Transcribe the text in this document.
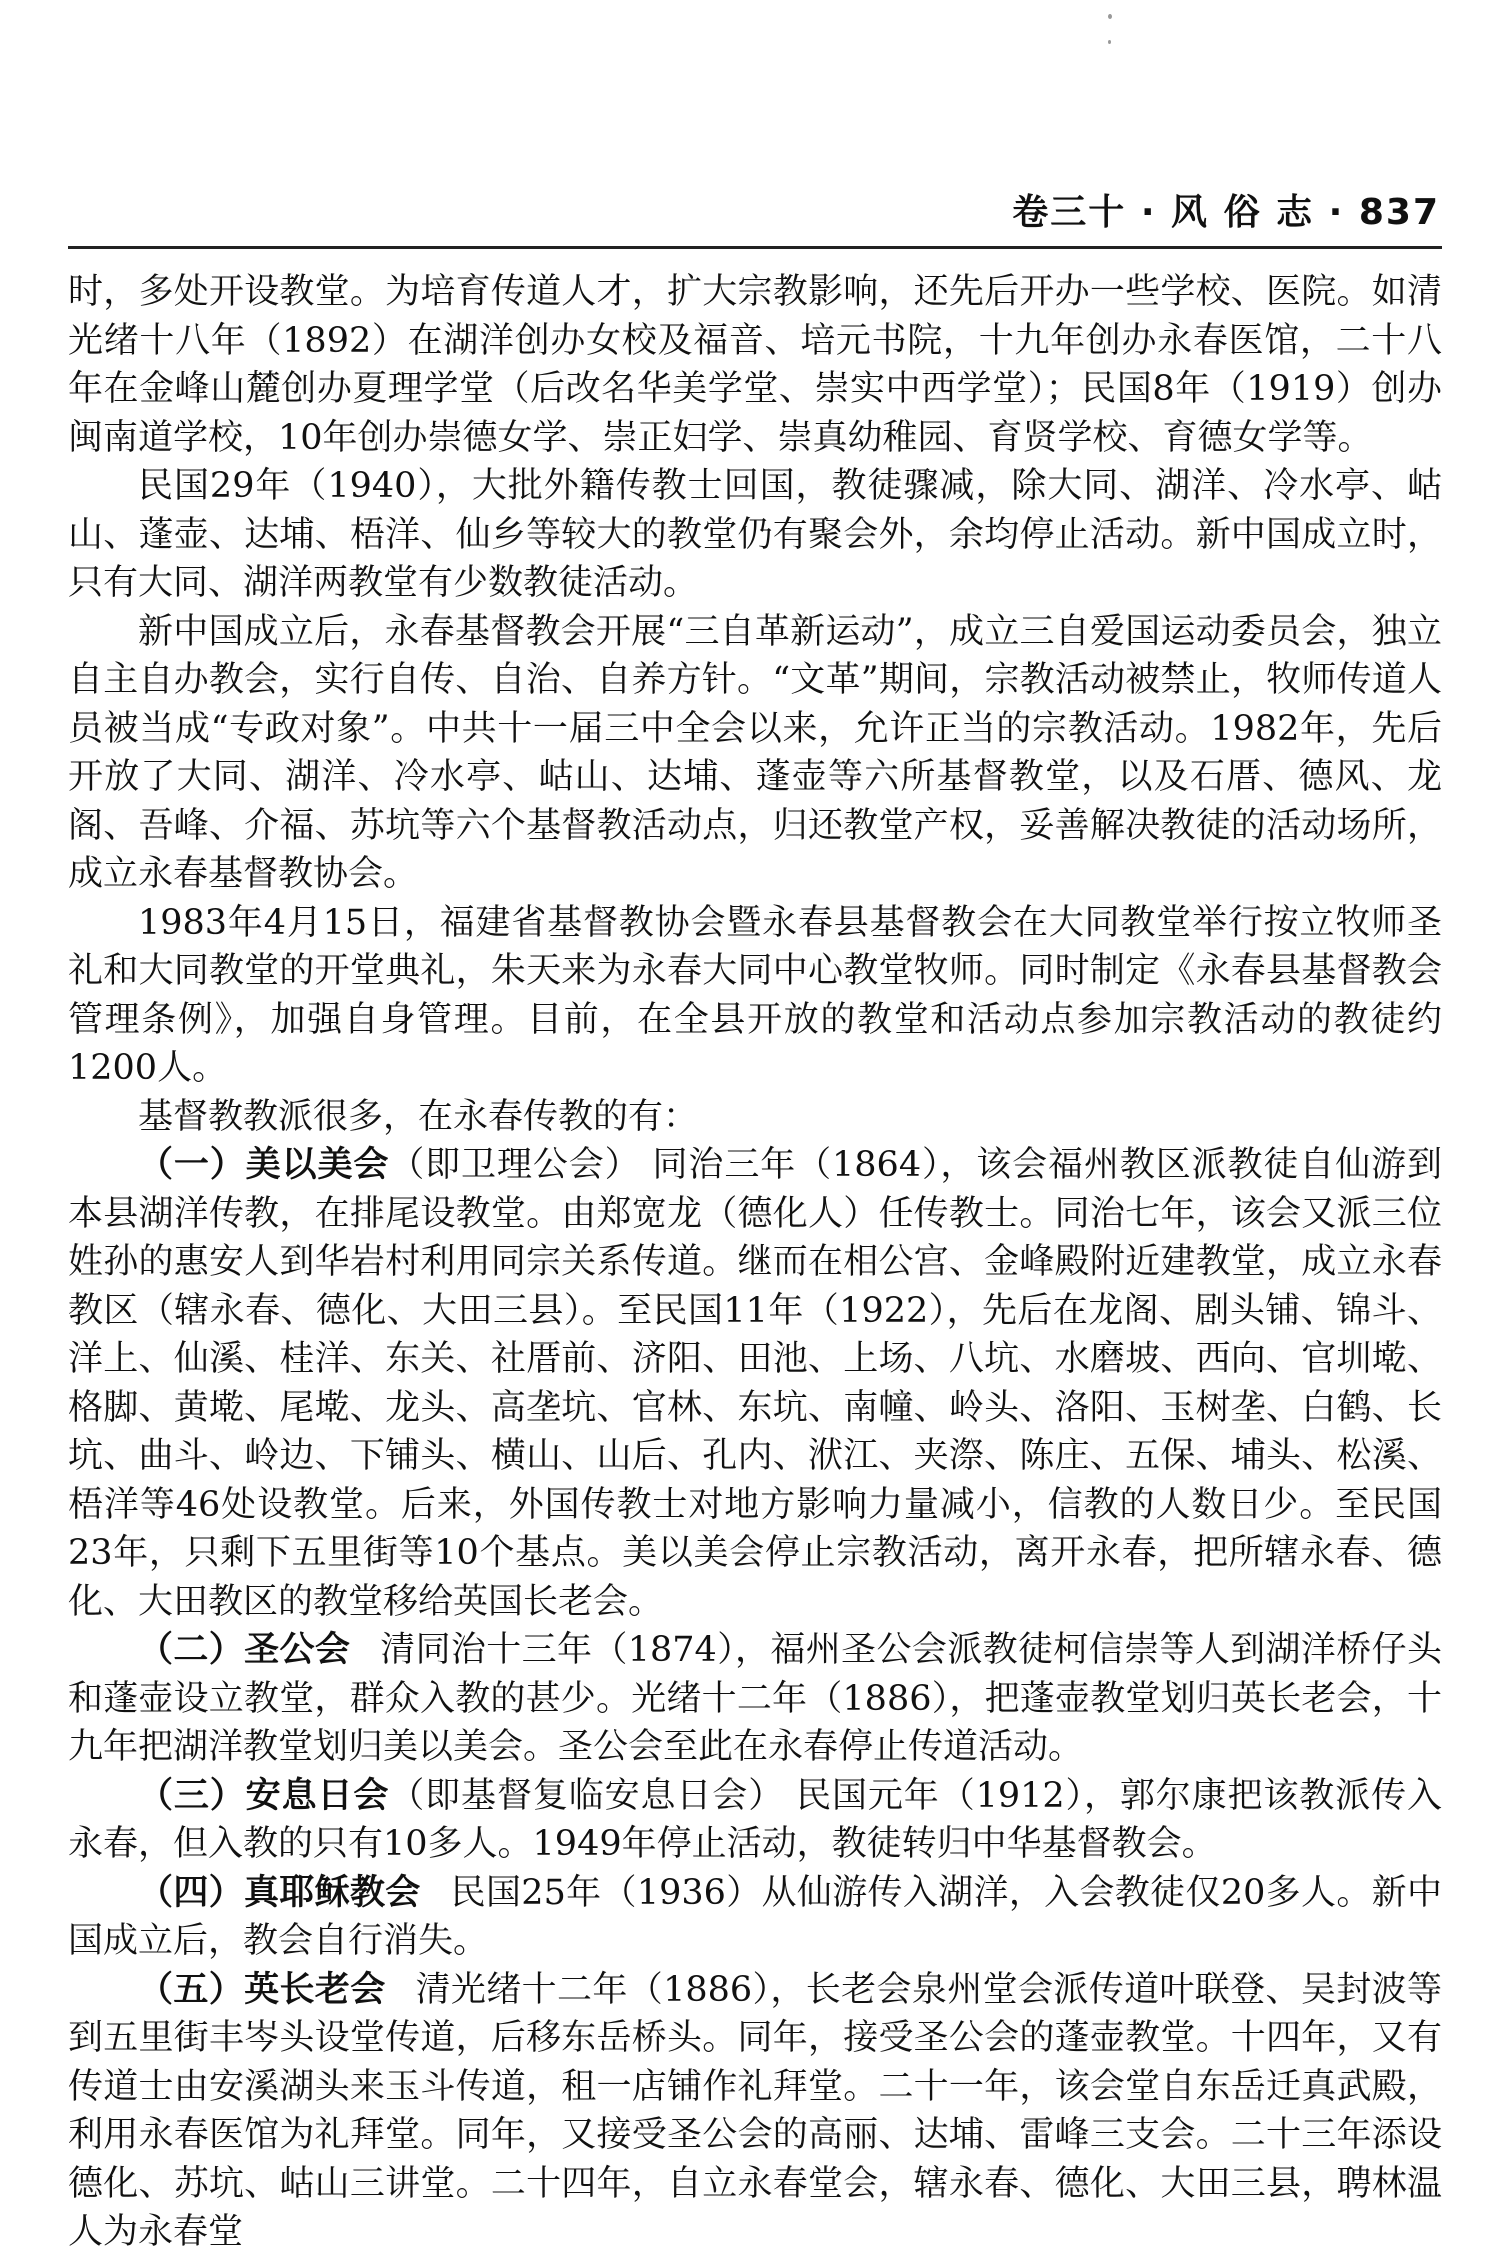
卷三十 · 风 俗 志 · 837

时，多处开设教堂。为培育传道人才，扩大宗教影响，还先后开办一些学校、医院。如清光绪十八年（1892）在湖洋创办女校及福音、培元书院，十九年创办永春医馆，二十八年在金峰山麓创办夏理学堂（后改名华美学堂、崇实中西学堂）；民国8年（1919）创办闽南道学校，10年创办崇德女学、崇正妇学、崇真幼稚园、育贤学校、育德女学等。

民国29年（1940），大批外籍传教士回国，教徒骤减，除大同、湖洋、冷水亭、岵山、蓬壶、达埔、梧洋、仙乡等较大的教堂仍有聚会外，余均停止活动。新中国成立时，只有大同、湖洋两教堂有少数教徒活动。

新中国成立后，永春基督教会开展“三自革新运动”，成立三自爱国运动委员会，独立自主自办教会，实行自传、自治、自养方针。“文革”期间，宗教活动被禁止，牧师传道人员被当成“专政对象”。中共十一届三中全会以来，允许正当的宗教活动。1982年，先后开放了大同、湖洋、冷水亭、岵山、达埔、蓬壶等六所基督教堂，以及石厝、德风、龙阁、吾峰、介福、苏坑等六个基督教活动点，归还教堂产权，妥善解决教徒的活动场所，成立永春基督教协会。

1983年4月15日，福建省基督教协会暨永春县基督教会在大同教堂举行按立牧师圣礼和大同教堂的开堂典礼，朱天来为永春大同中心教堂牧师。同时制定《永春县基督教会管理条例》，加强自身管理。目前，在全县开放的教堂和活动点参加宗教活动的教徒约1200人。

基督教教派很多，在永春传教的有：

（一）美以美会（即卫理公会） 同治三年（1864），该会福州教区派教徒自仙游到本县湖洋传教，在排尾设教堂。由郑宽龙（德化人）任传教士。同治七年，该会又派三位姓孙的惠安人到华岩村利用同宗关系传道。继而在相公宫、金峰殿附近建教堂，成立永春教区（辖永春、德化、大田三县）。至民国11年（1922），先后在龙阁、剧头铺、锦斗、洋上、仙溪、桂洋、东关、社厝前、济阳、田池、上场、八坑、水磨坡、西向、官圳墘、格脚、黄墘、尾墘、龙头、高垄坑、官林、东坑、南幢、岭头、洛阳、玉树垄、白鹤、长坑、曲斗、岭边、下铺头、横山、山后、孔内、洑江、夹漈、陈庄、五保、埔头、松溪、梧洋等46处设教堂。后来，外国传教士对地方影响力量减小，信教的人数日少。至民国23年，只剩下五里街等10个基点。美以美会停止宗教活动，离开永春，把所辖永春、德化、大田教区的教堂移给英国长老会。

（二）圣公会 清同治十三年（1874），福州圣公会派教徒柯信崇等人到湖洋桥仔头和蓬壶设立教堂，群众入教的甚少。光绪十二年（1886），把蓬壶教堂划归英长老会，十九年把湖洋教堂划归美以美会。圣公会至此在永春停止传道活动。

（三）安息日会（即基督复临安息日会） 民国元年（1912），郭尔康把该教派传入永春，但入教的只有10多人。1949年停止活动，教徒转归中华基督教会。

（四）真耶稣教会 民国25年（1936）从仙游传入湖洋，入会教徒仅20多人。新中国成立后，教会自行消失。

（五）英长老会 清光绪十二年（1886），长老会泉州堂会派传道叶联登、吴封波等到五里街丰岑头设堂传道，后移东岳桥头。同年，接受圣公会的蓬壶教堂。十四年，又有传道士由安溪湖头来玉斗传道，租一店铺作礼拜堂。二十一年，该会堂自东岳迁真武殿，利用永春医馆为礼拜堂。同年，又接受圣公会的高丽、达埔、雷峰三支会。二十三年添设德化、苏坑、岵山三讲堂。二十四年，自立永春堂会，辖永春、德化、大田三县，聘林温人为永春堂
